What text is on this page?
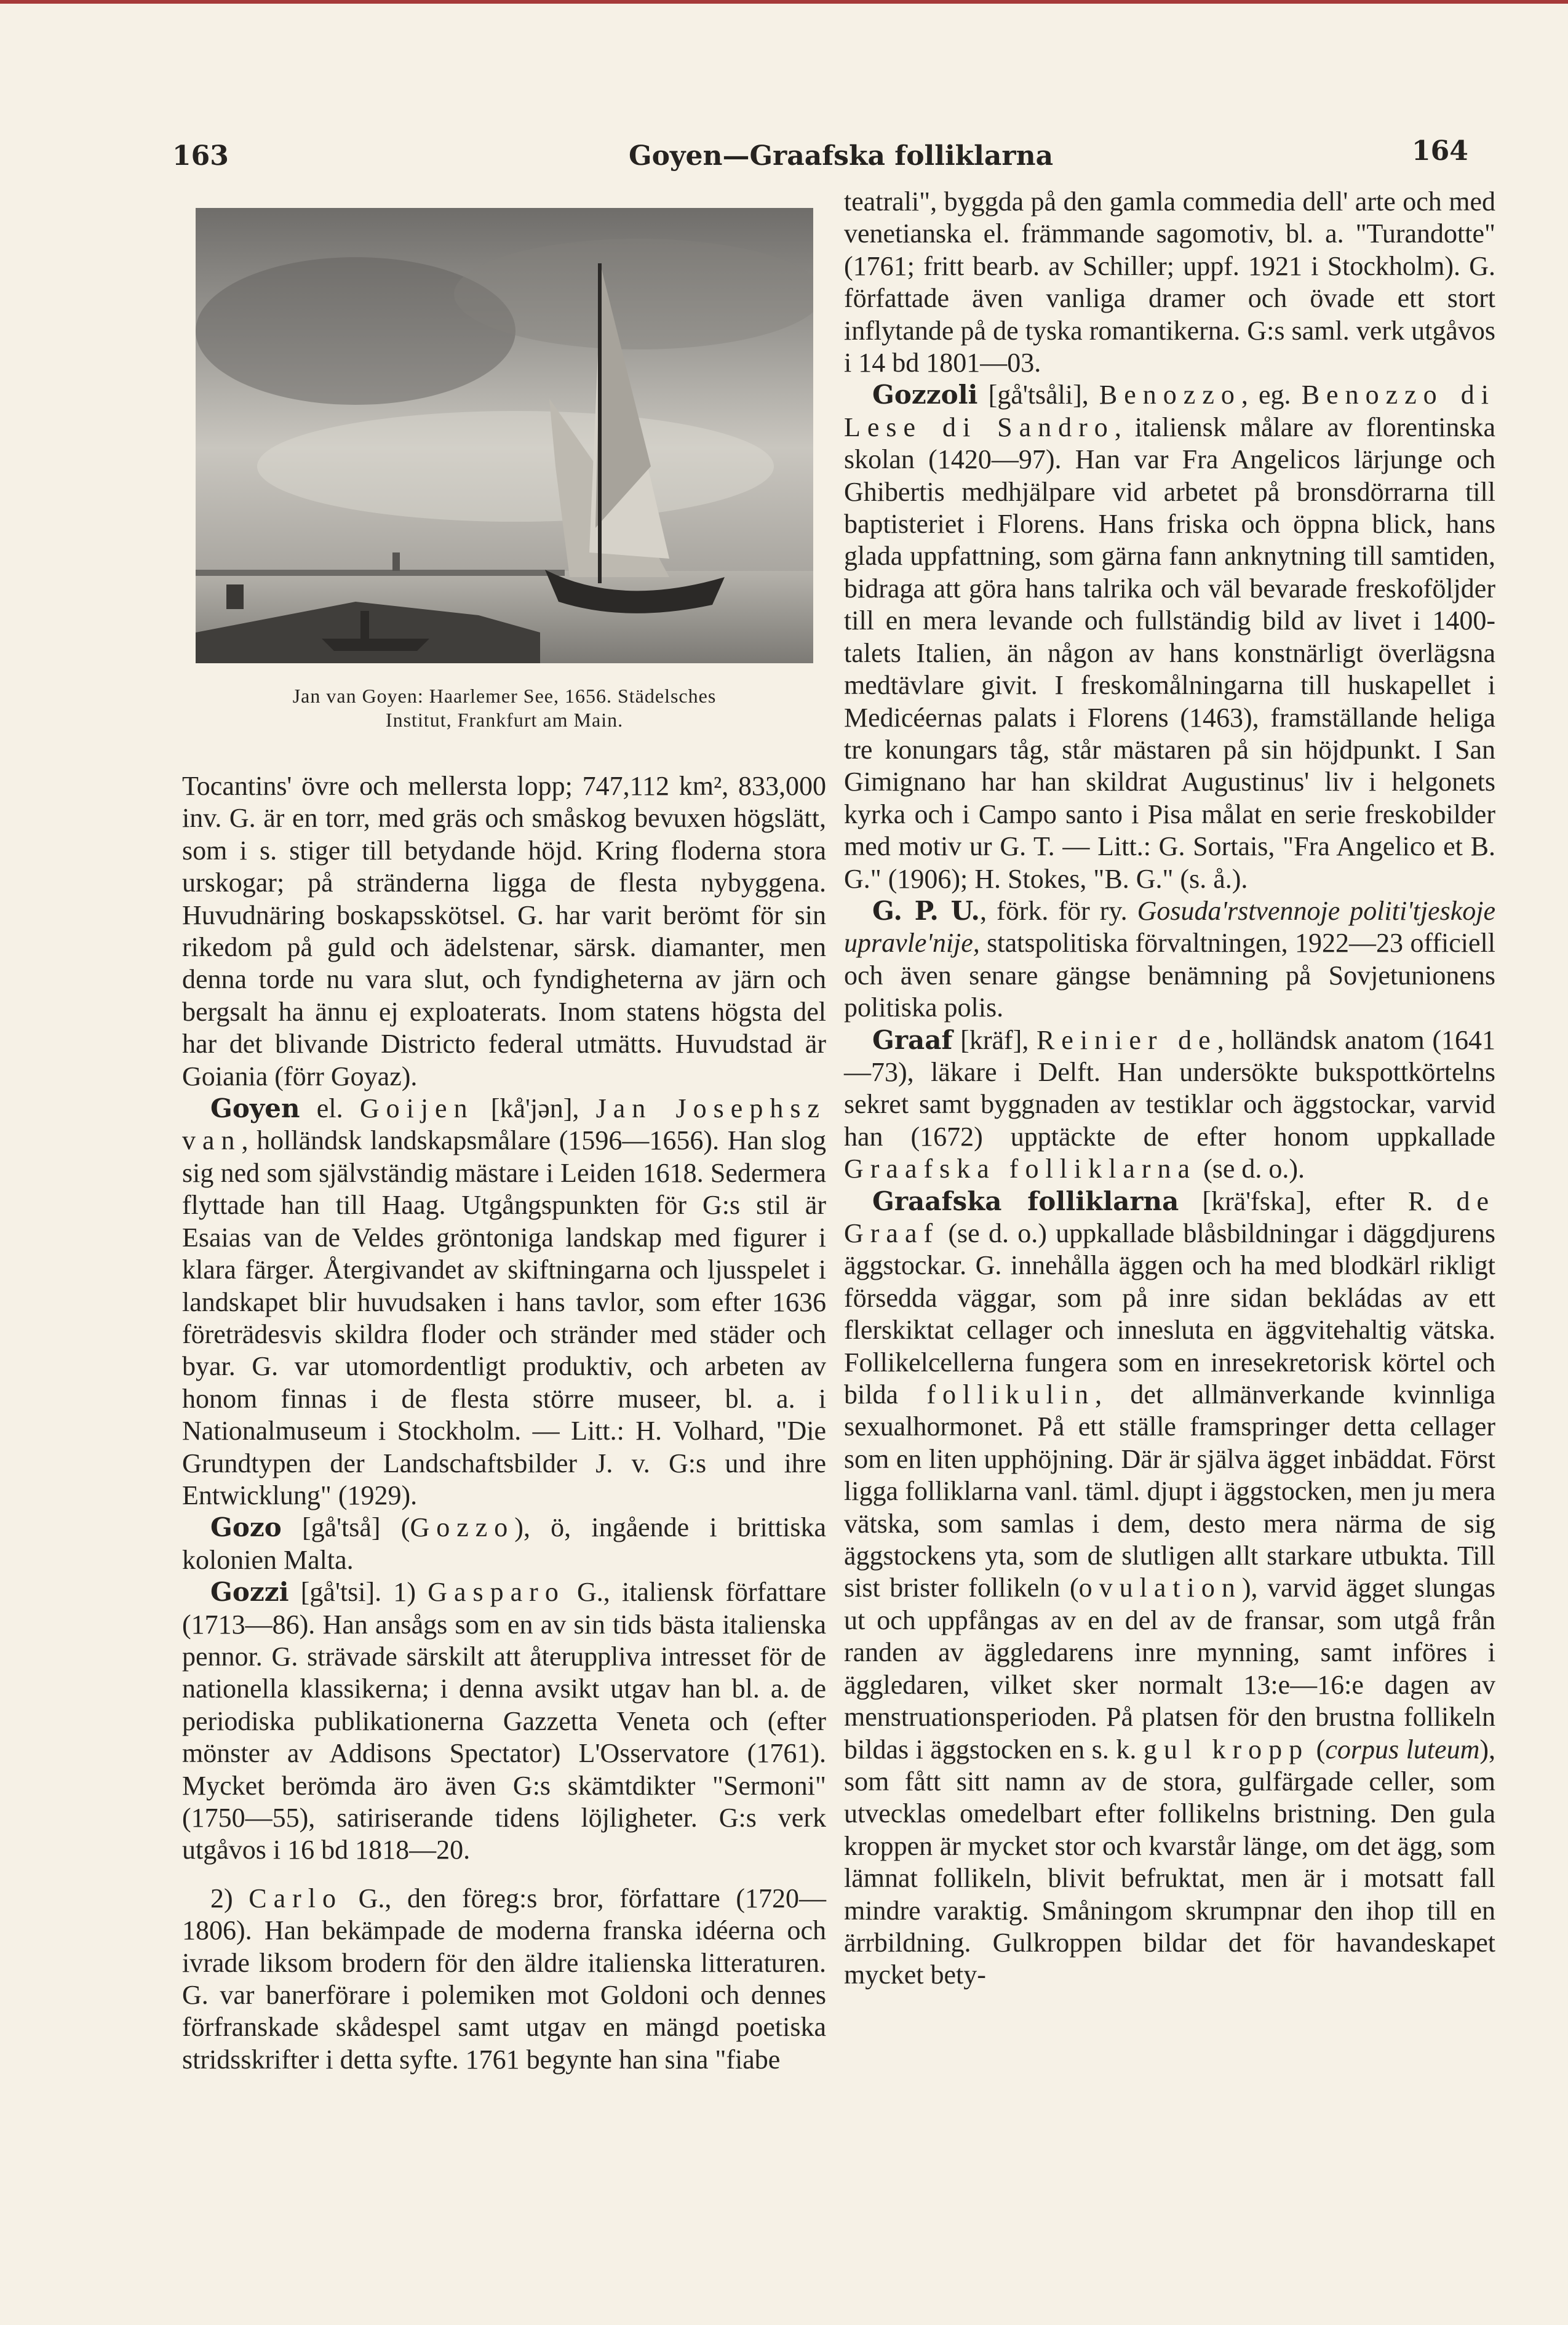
163	Goyen—Graafska folliklarna	164
Jan van Goyen: Haarlemer See, 1656. Städelsches
Institut, Frankfurt am Main.

Tocantins' övre och mellersta lopp; 747,112 km², 833,000 inv. G. är en torr, med gräs och småskog bevuxen högslätt, som i s. stiger till betydande höjd. Kring floderna stora urskogar; på stränderna ligga de flesta nybyggena. Huvudnäring boskapsskötsel. G. har varit berömt för sin rikedom på guld och ädelstenar, särsk. diamanter, men denna torde nu vara slut, och fyndigheterna av järn och bergsalt ha ännu ej exploaterats. Inom statens högsta del har det blivande Districto federal utmätts. Huvudstad är Goiania (förr Goyaz).

Goyen el. Goijen [kå'jən], Jan Josephsz van, holländsk landskapsmålare (1596—1656). Han slog sig ned som självständig mästare i Leiden 1618. Sedermera flyttade han till Haag. Utgångspunkten för G:s stil är Esaias van de Veldes gröntoniga landskap med figurer i klara färger. Återgivandet av skiftningarna och ljusspelet i landskapet blir huvudsaken i hans tavlor, som efter 1636 företrädesvis skildra floder och stränder med städer och byar. G. var utomordentligt produktiv, och arbeten av honom finnas i de flesta större museer, bl. a. i Nationalmuseum i Stockholm. — Litt.: H. Volhard, "Die Grundtypen der Landschaftsbilder J. v. G:s und ihre Entwicklung" (1929).

Gozo [gå'tså] (Gozzo), ö, ingående i brittiska kolonien Malta.

Gozzi [gå'tsi]. 1) Gasparo G., italiensk författare (1713—86). Han ansågs som en av sin tids bästa italienska pennor. G. strävade särskilt att återuppliva intresset för de nationella klassikerna; i denna avsikt utgav han bl. a. de periodiska publikationerna Gazzetta Veneta och (efter mönster av Addisons Spectator) L'Osservatore (1761). Mycket berömda äro även G:s skämtdikter "Sermoni" (1750—55), satiriserande tidens löjligheter. G:s verk utgåvos i 16 bd 1818—20.

2) Carlo G., den föreg:s bror, författare (1720—1806). Han bekämpade de moderna franska idéerna och ivrade liksom brodern för den äldre italienska litteraturen. G. var banerförare i polemiken mot Goldoni och dennes förfranskade skådespel samt utgav en mängd poetiska stridsskrifter i detta syfte. 1761 begynte han sina "fiabe

teatrali", byggda på den gamla commedia dell' arte och med venetianska el. främmande sagomotiv, bl. a. "Turandotte" (1761; fritt bearb. av Schiller; uppf. 1921 i Stockholm). G. författade även vanliga dramer och övade ett stort inflytande på de tyska romantikerna. G:s saml. verk utgåvos i 14 bd 1801—03.

Gozzoli [gå'tsåli], Benozzo, eg. Benozzo di Lese di Sandro, italiensk målare av florentinska skolan (1420—97). Han var Fra Angelicos lärjunge och Ghibertis medhjälpare vid arbetet på bronsdörrarna till baptisteriet i Florens. Hans friska och öppna blick, hans glada uppfattning, som gärna fann anknytning till samtiden, bidraga att göra hans talrika och väl bevarade freskoföljder till en mera levande och fullständig bild av livet i 1400-talets Italien, än någon av hans konstnärligt överlägsna medtävlare givit. I freskomålningarna till huskapellet i Medicéernas palats i Florens (1463), framställande heliga tre konungars tåg, står mästaren på sin höjdpunkt. I San Gimignano har han skildrat Augustinus' liv i helgonets kyrka och i Campo santo i Pisa målat en serie freskobilder med motiv ur G. T. — Litt.: G. Sortais, "Fra Angelico et B. G." (1906); H. Stokes, "B. G." (s. å.).

G. P. U., förk. för ry. Gosuda'rstvennoje politi'tjeskoje upravle'nije, statspolitiska förvaltningen, 1922—23 officiell och även senare gängse benämning på Sovjetunionens politiska polis.

Graaf [kräf], Reinier de, holländsk anatom (1641—73), läkare i Delft. Han undersökte bukspottkörtelns sekret samt byggnaden av testiklar och äggstockar, varvid han (1672) upptäckte de efter honom uppkallade Graafska folliklarna (se d. o.).

Graafska folliklarna [krä'fska], efter R. de Graaf (se d. o.) uppkallade blåsbildningar i däggdjurens äggstockar. G. innehålla äggen och ha med blodkärl rikligt försedda väggar, som på inre sidan bekládas av ett flerskiktat cellager och innesluta en äggvitehaltig vätska. Follikelcellerna fungera som en inresekretorisk körtel och bilda follikulin, det allmänverkande kvinnliga sexualhormonet. På ett ställe framspringer detta cellager som en liten upphöjning. Där är själva ägget inbäddat. Först ligga folliklarna vanl. täml. djupt i äggstocken, men ju mera vätska, som samlas i dem, desto mera närma de sig äggstockens yta, som de slutligen allt starkare utbukta. Till sist brister follikeln (ovulation), varvid ägget slungas ut och uppfångas av en del av de fransar, som utgå från randen av äggledarens inre mynning, samt införes i äggledaren, vilket sker normalt 13:e—16:e dagen av menstruationsperioden. På platsen för den brustna follikeln bildas i äggstocken en s. k. gul kropp (corpus luteum), som fått sitt namn av de stora, gulfärgade celler, som utvecklas omedelbart efter follikelns bristning. Den gula kroppen är mycket stor och kvarstår länge, om det ägg, som lämnat follikeln, blivit befruktat, men är i motsatt fall mindre varaktig. Småningom skrumpnar den ihop till en ärrbildning. Gulkroppen bildar det för havandeskapet mycket bety-
